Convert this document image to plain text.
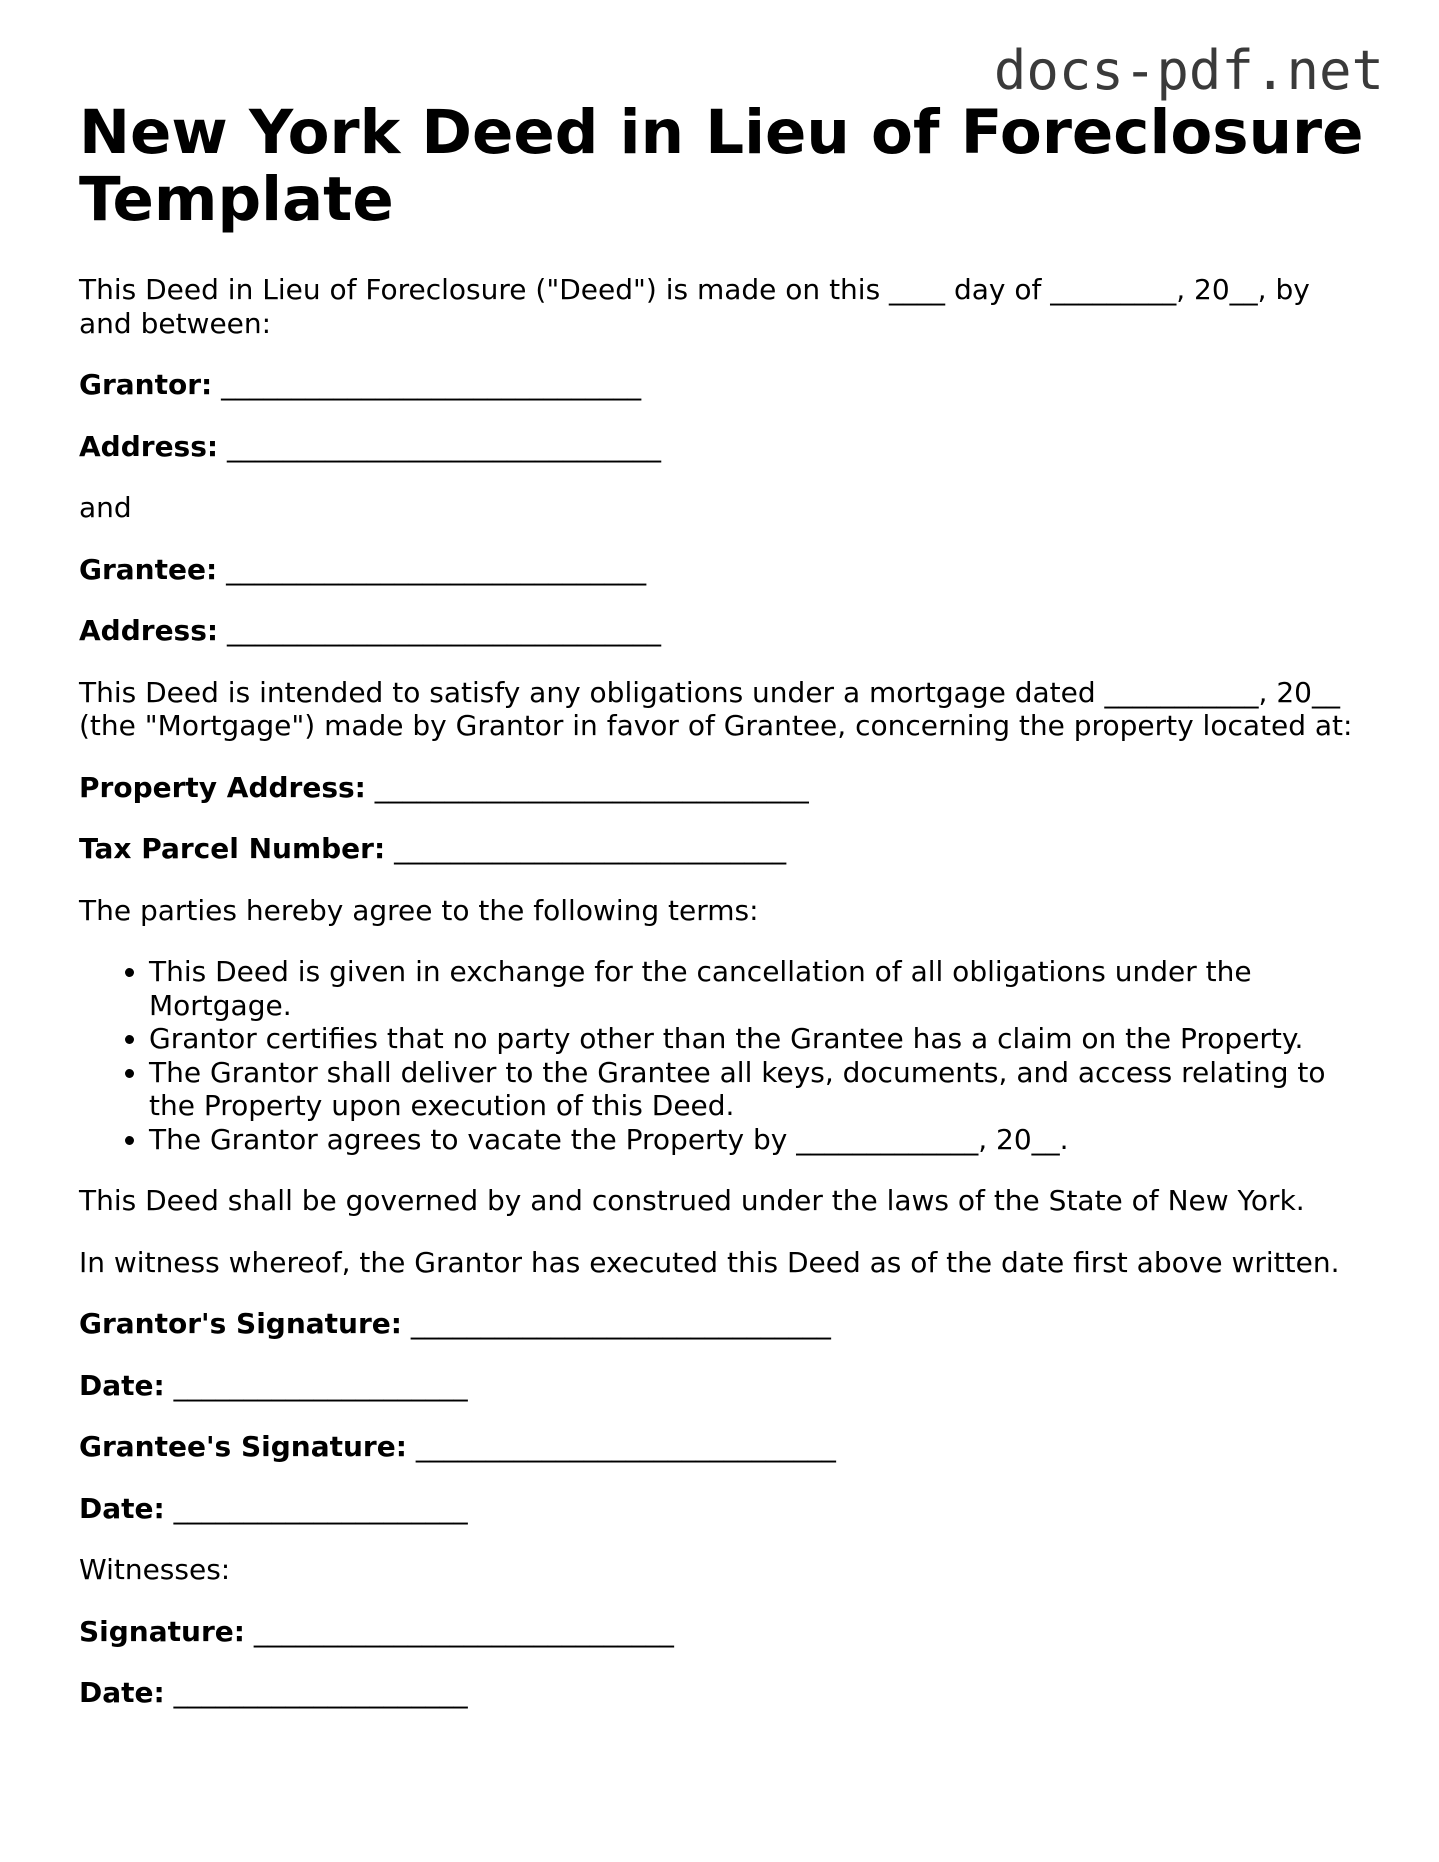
docs-pdf.net
New York Deed in Lieu of Foreclosure Template

This Deed in Lieu of Foreclosure ("Deed") is made on this ____ day of _________, 20__, by and between:

Grantor: ______________________________

Address: _______________________________

and

Grantee: ______________________________

Address: _______________________________

This Deed is intended to satisfy any obligations under a mortgage dated ___________, 20__ (the "Mortgage") made by Grantor in favor of Grantee, concerning the property located at:

Property Address: _______________________________

Tax Parcel Number: ____________________________

The parties hereby agree to the following terms:

• This Deed is given in exchange for the cancellation of all obligations under the Mortgage.
• Grantor certifies that no party other than the Grantee has a claim on the Property.
• The Grantor shall deliver to the Grantee all keys, documents, and access relating to the Property upon execution of this Deed.
• The Grantor agrees to vacate the Property by _____________, 20__.

This Deed shall be governed by and construed under the laws of the State of New York.

In witness whereof, the Grantor has executed this Deed as of the date first above written.

Grantor's Signature: ______________________________

Date: _____________________

Grantee's Signature: ______________________________

Date: _____________________

Witnesses:

Signature: ______________________________

Date: _____________________
